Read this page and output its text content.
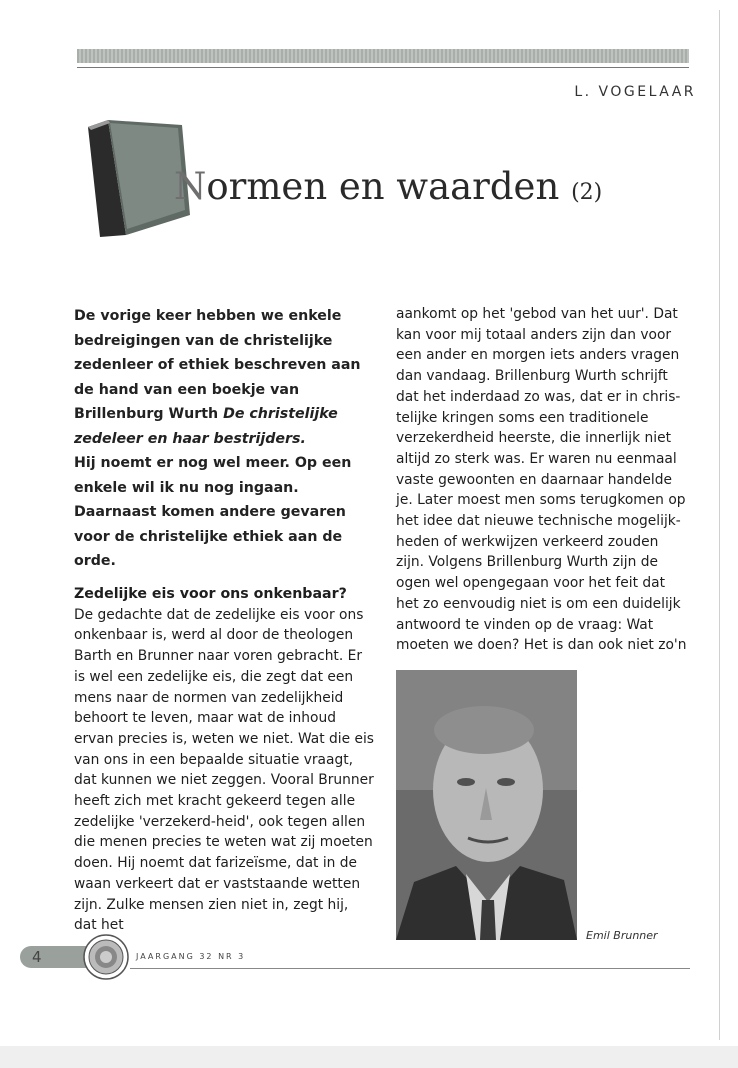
L. VOGELAAR
Normen en waarden (2)
De vorige keer hebben we enkele bedreigingen van de christelijke zedenleer of ethiek beschreven aan de hand van een boekje van Brillenburg Wurth De christelijke zedeleer en haar bestrijders.
Hij noemt er nog wel meer. Op een enkele wil ik nu nog ingaan. Daarnaast komen andere gevaren voor de christelijke ethiek aan de orde.
Zedelijke eis voor ons onkenbaar?

De gedachte dat de zedelijke eis voor ons onkenbaar is, werd al door de theologen Barth en Brunner naar voren gebracht. Er is wel een zedelijke eis, die zegt dat een mens naar de normen van zedelijkheid behoort te leven, maar wat de inhoud ervan precies is, weten we niet. Wat die eis van ons in een bepaalde situatie vraagt, dat kunnen we niet zeggen. Vooral Brunner heeft zich met kracht gekeerd tegen alle zedelijke 'verzekerd-heid', ook tegen allen die menen precies te weten wat zij moeten doen. Hij noemt dat farizeïsme, dat in de waan verkeert dat er vaststaande wetten zijn. Zulke mensen zien niet in, zegt hij, dat het

aankomt op het 'gebod van het uur'. Dat kan voor mij totaal anders zijn dan voor een ander en morgen iets anders vragen dan vandaag. Brillenburg Wurth schrijft dat het inderdaad zo was, dat er in chris-telijke kringen soms een traditionele verzekerdheid heerste, die innerlijk niet altijd zo sterk was. Er waren nu eenmaal vaste gewoonten en daarnaar handelde je. Later moest men soms terugkomen op het idee dat nieuwe technische mogelijk-heden of werkwijzen verkeerd zouden zijn. Volgens Brillenburg Wurth zijn de ogen wel opengegaan voor het feit dat het zo eenvoudig niet is om een duidelijk antwoord te vinden op de vraag: Wat moeten we doen? Het is dan ook niet zo'n

Emil Brunner
4	JAARGANG 32 NR 3
